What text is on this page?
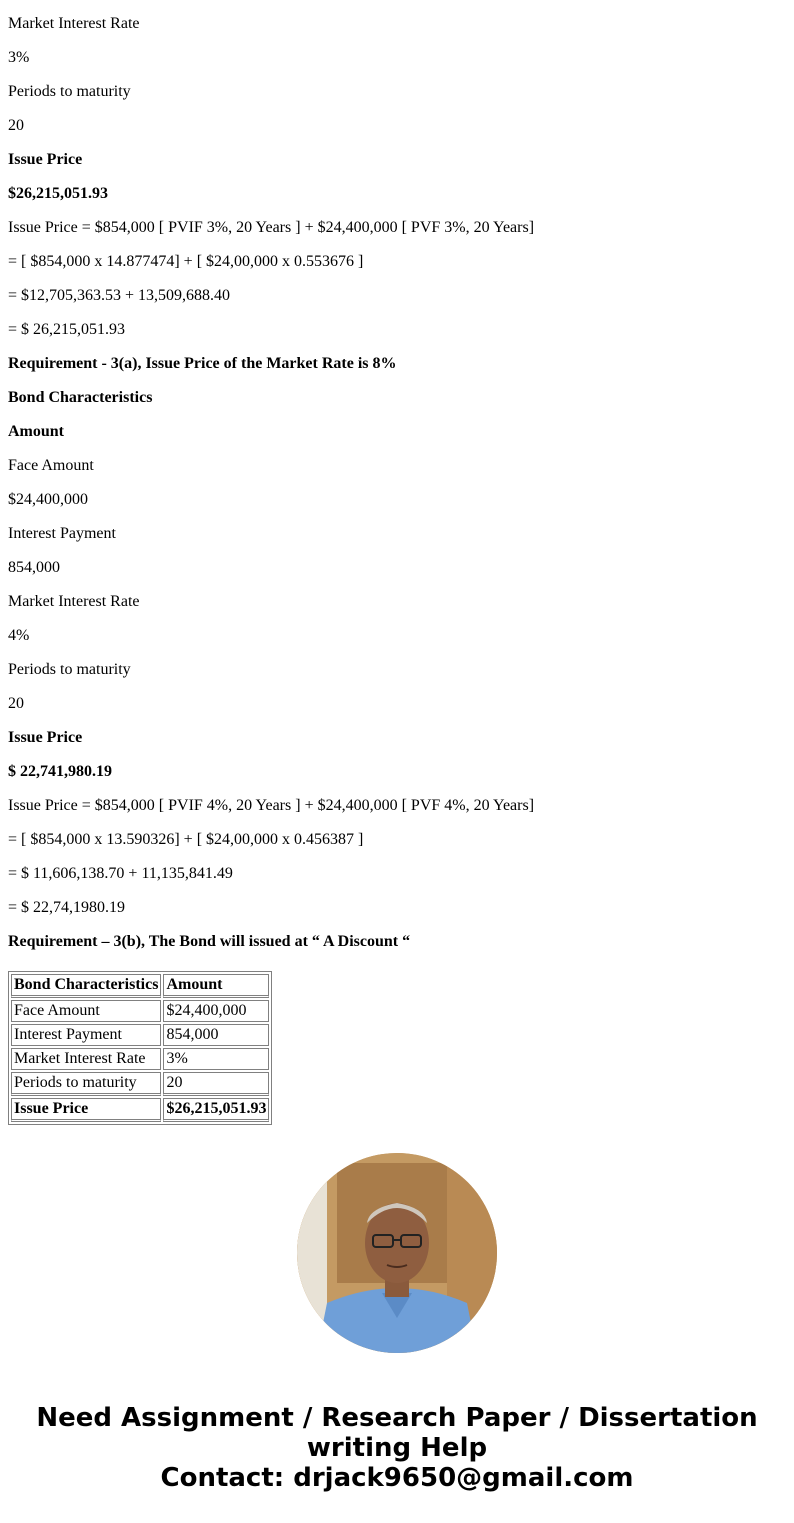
Market Interest Rate
3%
Periods to maturity
20
Issue Price
$26,215,051.93
Issue Price = $854,000 [ PVIF 3%, 20 Years ] + $24,400,000 [ PVF 3%, 20 Years]
= [ $854,000 x 14.877474] + [ $24,00,000 x 0.553676 ]
= $12,705,363.53 + 13,509,688.40
= $ 26,215,051.93
Requirement - 3(a), Issue Price of the Market Rate is 8%
Bond Characteristics
Amount
Face Amount
$24,400,000
Interest Payment
854,000
Market Interest Rate
4%
Periods to maturity
20
Issue Price
$ 22,741,980.19
Issue Price = $854,000 [ PVIF 4%, 20 Years ] + $24,400,000 [ PVF 4%, 20 Years]
= [ $854,000 x 13.590326] + [ $24,00,000 x 0.456387 ]
= $ 11,606,138.70 + 11,135,841.49
= $ 22,74,1980.19
Requirement – 3(b), The Bond will issued at “ A Discount “
Bond Characteristics	Amount
Face Amount	$24,400,000
Interest Payment	854,000
Market Interest Rate	3%
Periods to maturity	20
Issue Price	$26,215,051.93
Need Assignment / Research Paper / Dissertation
writing Help
Contact: drjack9650@gmail.com
